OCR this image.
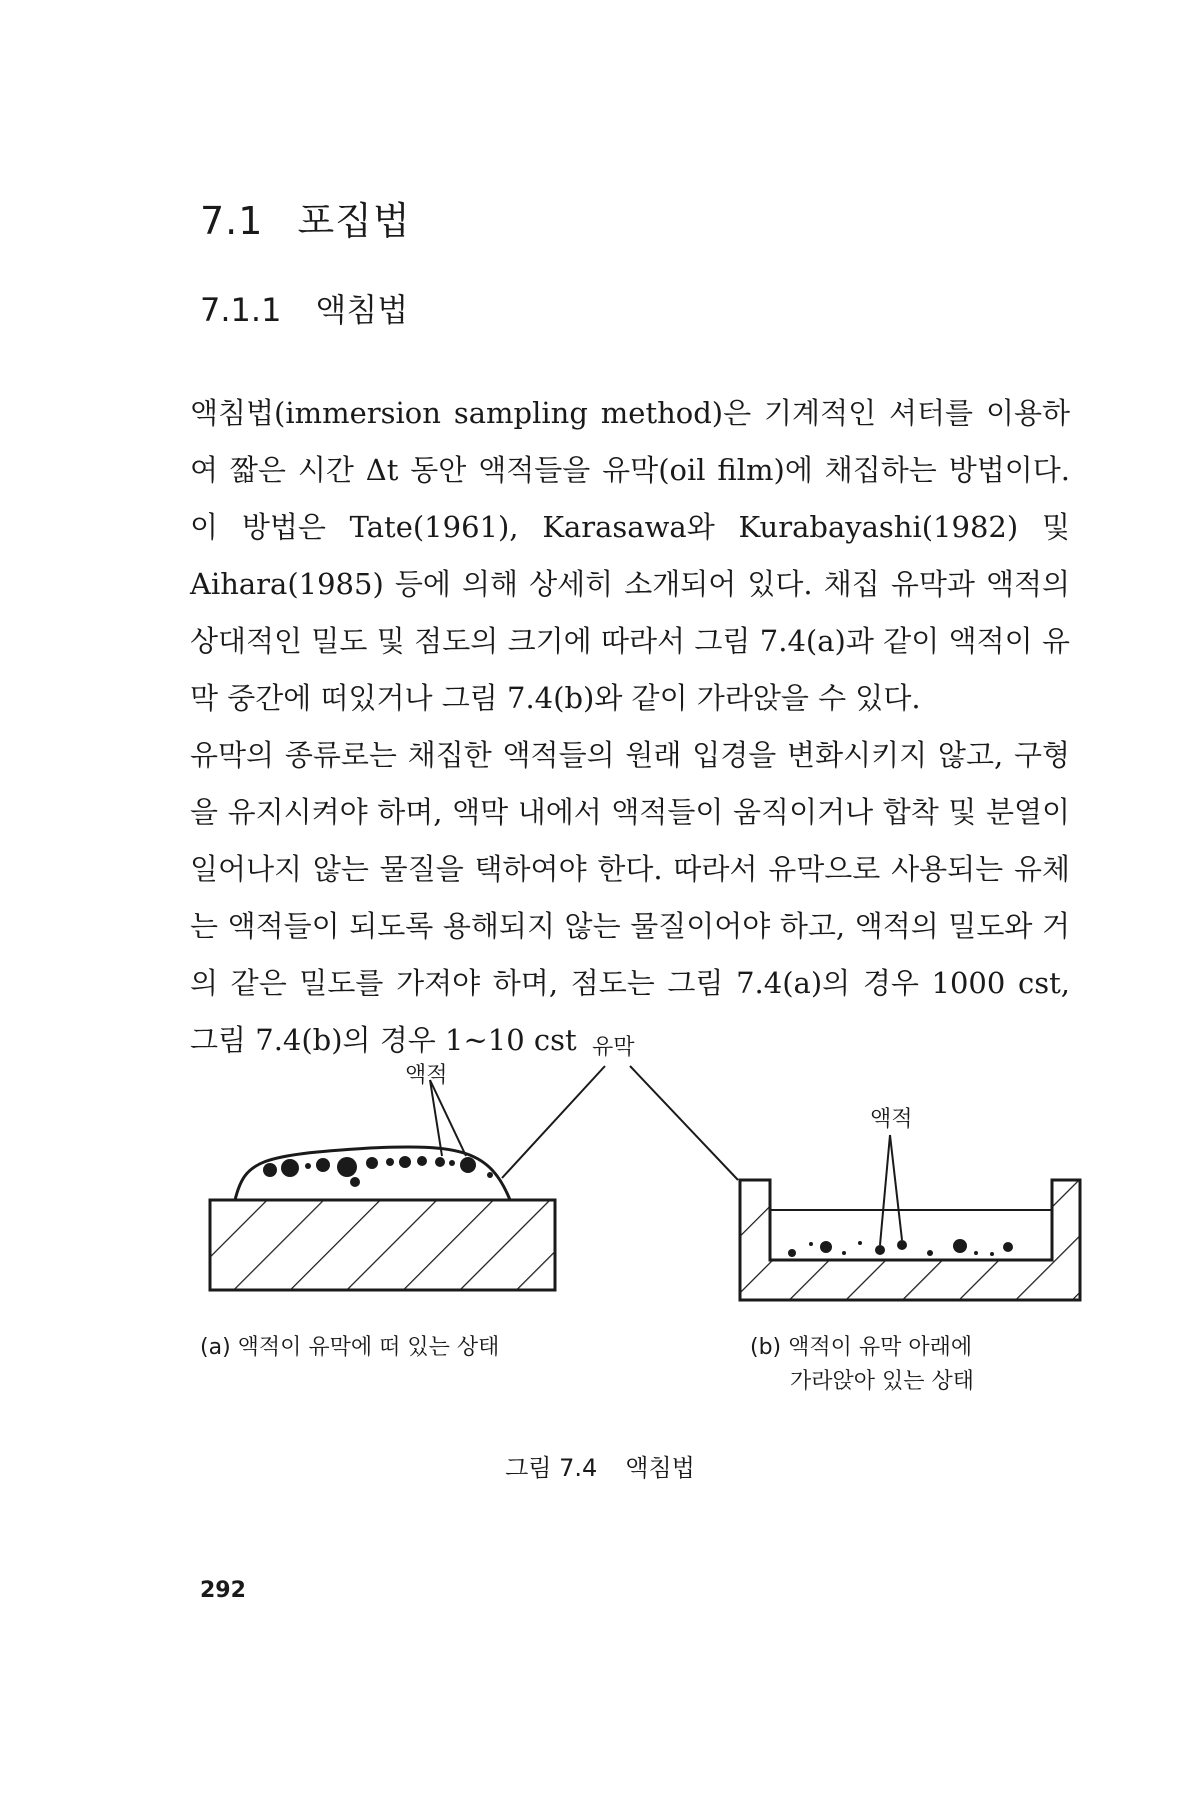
7.1 포집법
7.1.1 액침법

액침법(immersion sampling method)은 기계적인 셔터를 이용하여 짧은 시간 Δt 동안 액적들을 유막(oil film)에 채집하는 방법이다. 이 방법은 Tate(1961), Karasawa와 Kurabayashi(1982) 및 Aihara(1985) 등에 의해 상세히 소개되어 있다. 채집 유막과 액적의 상대적인 밀도 및 점도의 크기에 따라서 그림 7.4(a)과 같이 액적이 유막 중간에 떠있거나 그림 7.4(b)와 같이 가라앉을 수 있다.

유막의 종류로는 채집한 액적들의 원래 입경을 변화시키지 않고, 구형을 유지시켜야 하며, 액막 내에서 액적들이 움직이거나 합착 및 분열이 일어나지 않는 물질을 택하여야 한다. 따라서 유막으로 사용되는 유체는 액적들이 되도록 용해되지 않는 물질이어야 하고, 액적의 밀도와 거의 같은 밀도를 가져야 하며, 점도는 그림 7.4(a)의 경우 1000 cst, 그림 7.4(b)의 경우 1~10 cst

액적
유막
액적
(a) 액적이 유막에 떠 있는 상태	(b) 액적이 유막 아래에
가라앉아 있는 상태
그림 7.4 액침법
292
